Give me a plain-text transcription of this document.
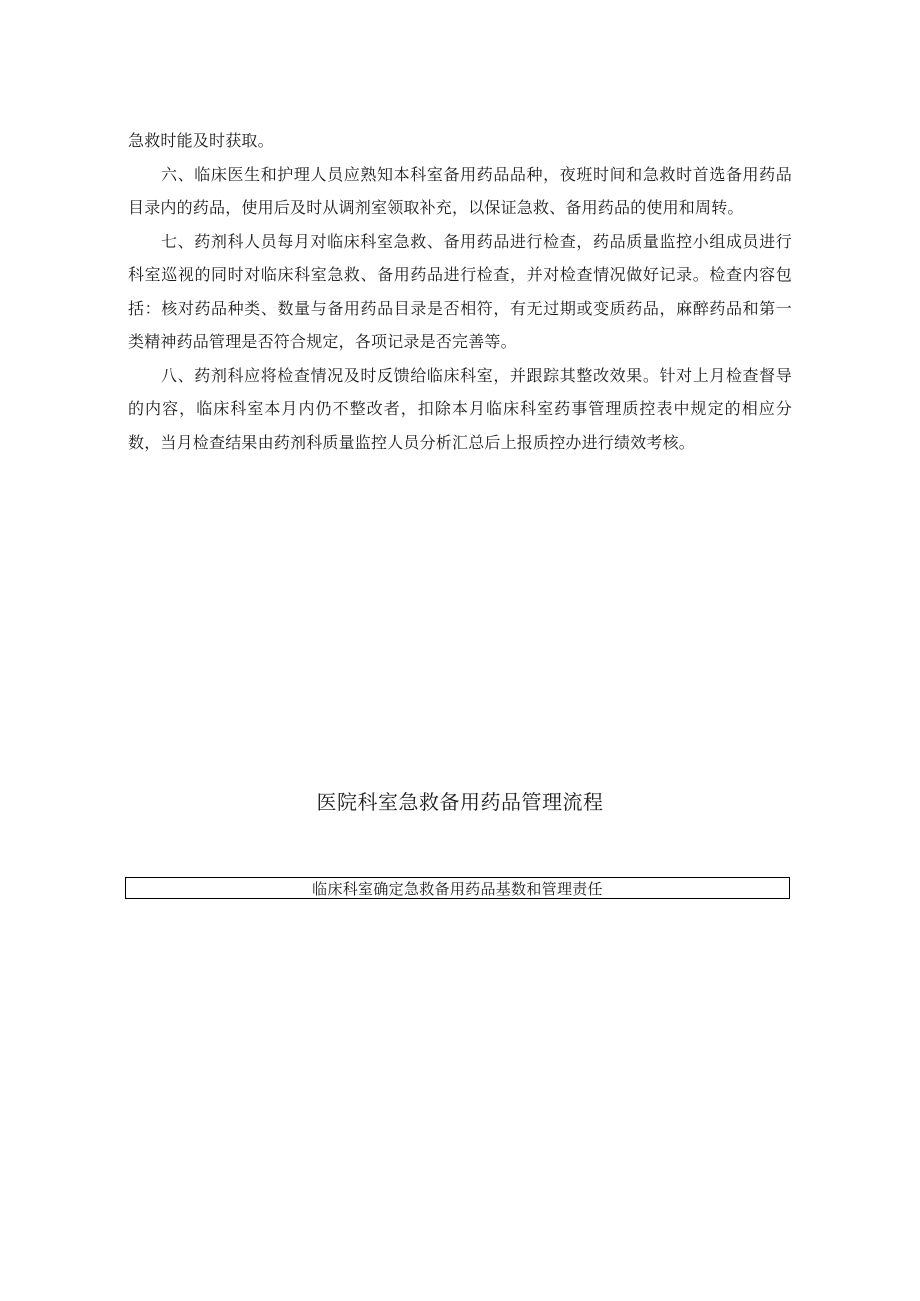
急救时能及时获取。

六、临床医生和护理人员应熟知本科室备用药品品种，夜班时间和急救时首选备用药品目录内的药品，使用后及时从调剂室领取补充，以保证急救、备用药品的使用和周转。

七、药剂科人员每月对临床科室急救、备用药品进行检查，药品质量监控小组成员进行科室巡视的同时对临床科室急救、备用药品进行检查，并对检查情况做好记录。检查内容包括：核对药品种类、数量与备用药品目录是否相符，有无过期或变质药品，麻醉药品和第一类精神药品管理是否符合规定，各项记录是否完善等。

八、药剂科应将检查情况及时反馈给临床科室，并跟踪其整改效果。针对上月检查督导的内容，临床科室本月内仍不整改者，扣除本月临床科室药事管理质控表中规定的相应分数，当月检查结果由药剂科质量监控人员分析汇总后上报质控办进行绩效考核。

医院科室急救备用药品管理流程
临床科室确定急救备用药品基数和管理责任
